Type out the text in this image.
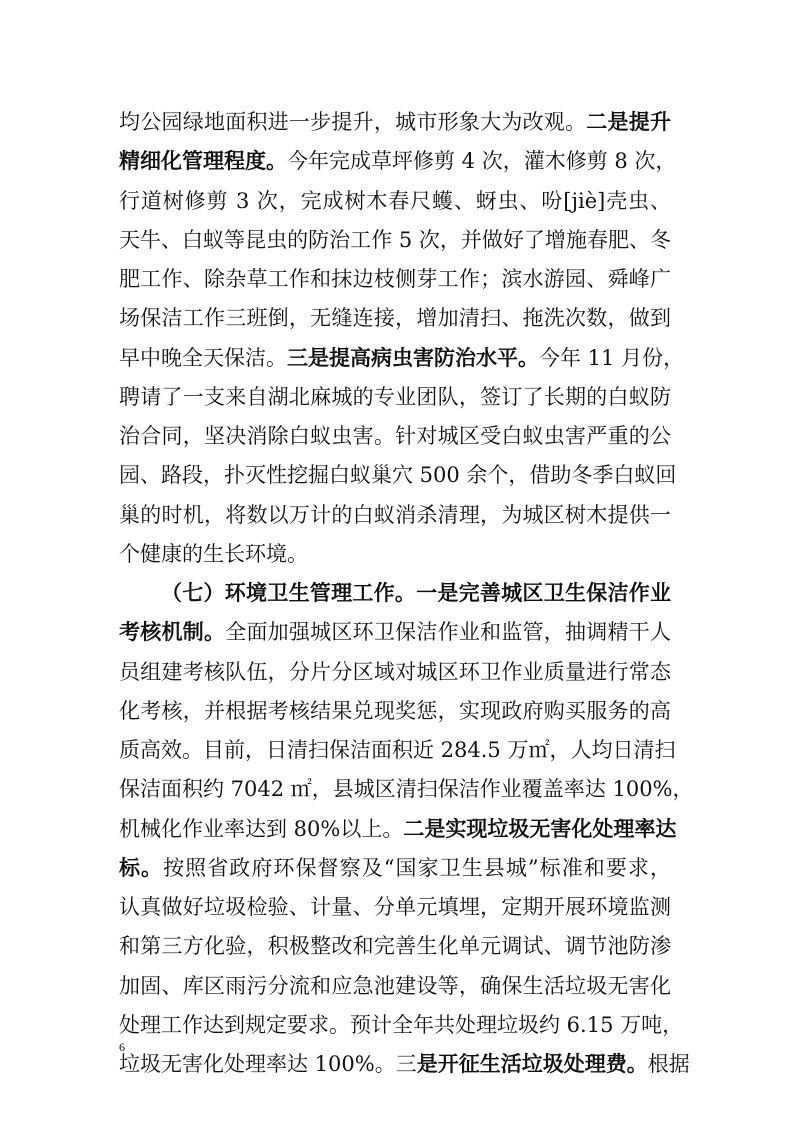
均公园绿地面积进一步提升，城市形象大为改观。二是提升
精细化管理程度。今年完成草坪修剪 4 次，灌木修剪 8 次，
行道树修剪 3 次，完成树木春尺蠖、蚜虫、吩[jiè]壳虫、
天牛、白蚁等昆虫的防治工作 5 次，并做好了增施春肥、冬
肥工作、除杂草工作和抹边枝侧芽工作；滨水游园、舜峰广
场保洁工作三班倒，无缝连接，增加清扫、拖洗次数，做到
早中晚全天保洁。三是提高病虫害防治水平。今年 11 月份，
聘请了一支来自湖北麻城的专业团队，签订了长期的白蚁防
治合同，坚决消除白蚁虫害。针对城区受白蚁虫害严重的公
园、路段，扑灭性挖掘白蚁巢穴 500 余个，借助冬季白蚁回
巢的时机，将数以万计的白蚁消杀清理，为城区树木提供一
个健康的生长环境。
（七）环境卫生管理工作。一是完善城区卫生保洁作业
考核机制。全面加强城区环卫保洁作业和监管，抽调精干人
员组建考核队伍，分片分区域对城区环卫作业质量进行常态
化考核，并根据考核结果兑现奖惩，实现政府购买服务的高
质高效。目前，日清扫保洁面积近 284.5 万㎡，人均日清扫
保洁面积约 7042 ㎡，县城区清扫保洁作业覆盖率达 100%，
机械化作业率达到 80%以上。二是实现垃圾无害化处理率达
标。按照省政府环保督察及“国家卫生县城”标准和要求，
认真做好垃圾检验、计量、分单元填埋，定期开展环境监测
和第三方化验，积极整改和完善生化单元调试、调节池防渗
加固、库区雨污分流和应急池建设等，确保生活垃圾无害化
处理工作达到规定要求。预计全年共处理垃圾约 6.15 万吨，
垃圾无害化处理率达 100%。三是开征生活垃圾处理费。根据
6
